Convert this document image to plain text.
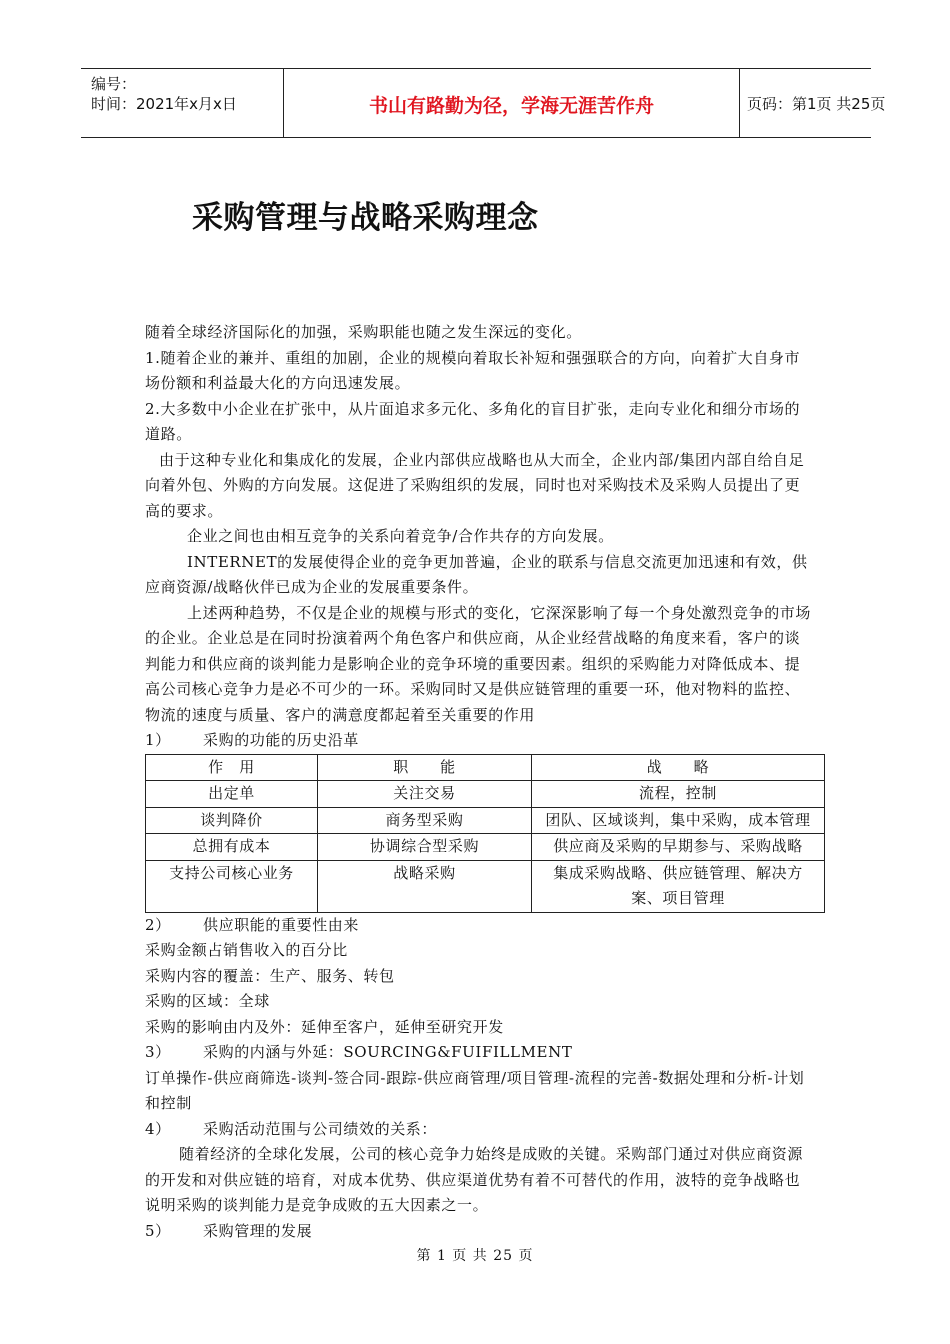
编号：
时间：2021年x月x日	书山有路勤为径，学海无涯苦作舟	页码：第1页 共25页
采购管理与战略采购理念

随着全球经济国际化的加强，采购职能也随之发生深远的变化。

1.随着企业的兼并、重组的加剧，企业的规模向着取长补短和强强联合的方向，向着扩大自身市场份额和利益最大化的方向迅速发展。

2.大多数中小企业在扩张中，从片面追求多元化、多角化的盲目扩张，走向专业化和细分市场的道路。

由于这种专业化和集成化的发展，企业内部供应战略也从大而全，企业内部/集团内部自给自足向着外包、外购的方向发展。这促进了采购组织的发展，同时也对采购技术及采购人员提出了更高的要求。

企业之间也由相互竞争的关系向着竞争/合作共存的方向发展。

INTERNET的发展使得企业的竞争更加普遍，企业的联系与信息交流更加迅速和有效，供应商资源/战略伙伴已成为企业的发展重要条件。

上述两种趋势，不仅是企业的规模与形式的变化，它深深影响了每一个身处激烈竞争的市场的企业。企业总是在同时扮演着两个角色客户和供应商，从企业经营战略的角度来看，客户的谈判能力和供应商的谈判能力是影响企业的竞争环境的重要因素。组织的采购能力对降低成本、提高公司核心竞争力是必不可少的一环。采购同时又是供应链管理的重要一环，他对物料的监控、物流的速度与质量、客户的满意度都起着至关重要的作用

1） 采购的功能的历史沿革

作　用	职　　能	战　　略
出定单	关注交易	流程，控制
谈判降价	商务型采购	团队、区域谈判，集中采购，成本管理
总拥有成本	协调综合型采购	供应商及采购的早期参与、采购战略
支持公司核心业务	战略采购	集成采购战略、供应链管理、解决方案、项目管理

2） 供应职能的重要性由来

采购金额占销售收入的百分比

采购内容的覆盖：生产、服务、转包

采购的区域：全球

采购的影响由内及外：延伸至客户，延伸至研究开发

3） 采购的内涵与外延：SOURCING&FUIFILLMENT

订单操作-供应商筛选-谈判-签合同-跟踪-供应商管理/项目管理-流程的完善-数据处理和分析-计划和控制

4） 采购活动范围与公司绩效的关系：

随着经济的全球化发展，公司的核心竞争力始终是成败的关键。采购部门通过对供应商资源的开发和对供应链的培育，对成本优势、供应渠道优势有着不可替代的作用，波特的竞争战略也说明采购的谈判能力是竞争成败的五大因素之一。

5） 采购管理的发展

第 1 页 共 25 页
